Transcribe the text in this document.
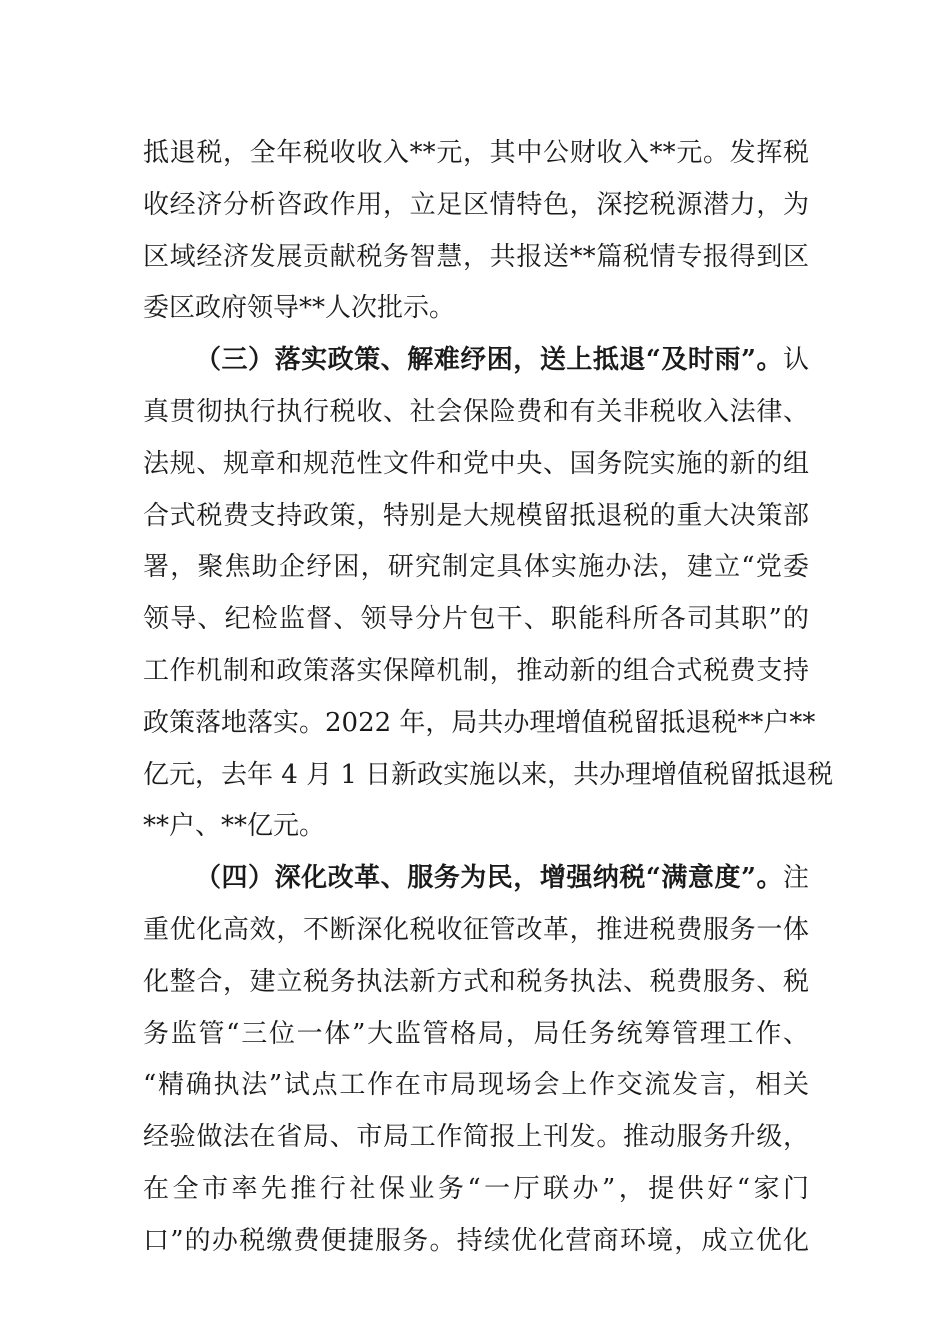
抵退税，全年税收收入**元，其中公财收入**元。发挥税
收经济分析咨政作用，立足区情特色，深挖税源潜力，为
区域经济发展贡献税务智慧，共报送**篇税情专报得到区
委区政府领导**人次批示。
（三）落实政策、解难纾困，送上抵退“及时雨”。认
真贯彻执行执行税收、社会保险费和有关非税收入法律、
法规、规章和规范性文件和党中央、国务院实施的新的组
合式税费支持政策，特别是大规模留抵退税的重大决策部
署，聚焦助企纾困，研究制定具体实施办法，建立“党委
领导、纪检监督、领导分片包干、职能科所各司其职”的
工作机制和政策落实保障机制，推动新的组合式税费支持
政策落地落实。2022 年，局共办理增值税留抵退税**户**
亿元，去年 4 月 1 日新政实施以来，共办理增值税留抵退税
**户、**亿元。
（四）深化改革、服务为民，增强纳税“满意度”。注
重优化高效，不断深化税收征管改革，推进税费服务一体
化整合，建立税务执法新方式和税务执法、税费服务、税
务监管“三位一体”大监管格局，局任务统筹管理工作、
“精确执法”试点工作在市局现场会上作交流发言，相关
经验做法在省局、市局工作简报上刊发。推动服务升级，
在全市率先推行社保业务“一厅联办”，提供好“家门
口”的办税缴费便捷服务。持续优化营商环境，成立优化
